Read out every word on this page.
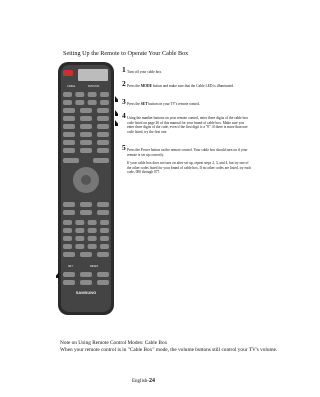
Setting Up the Remote to Operate Your Cable Box
CABLE	DVD/VCR
SET	RESET
SAMSUNG
1 Turn off your cable box.
2 Press the MODE button and make sure that the Cable LED is illuminated.
3 Press the SET button on your TV's remote control.
4 Using the number buttons on your remote control, enter three digits of the cable box code listed on page 26 of this manual for your brand of cable box. Make sure you enter three digits of the code, even if the first digit is a "0". If there is more than one code listed, try the first one.
5 Press the Power button on the remote control. Your cable box should turn on if your remote is set up correctly.
If your cable box does not turn on after set up, repeat steps 2, 3, and 4, but try one of the other codes listed for your brand of cable box. If no other codes are listed, try each code, 000 through 077.
Note on Using Remote Control Modes: Cable Box
When your remote control is in "Cable Box" mode, the volume buttons still control your TV's volume.
English-24
